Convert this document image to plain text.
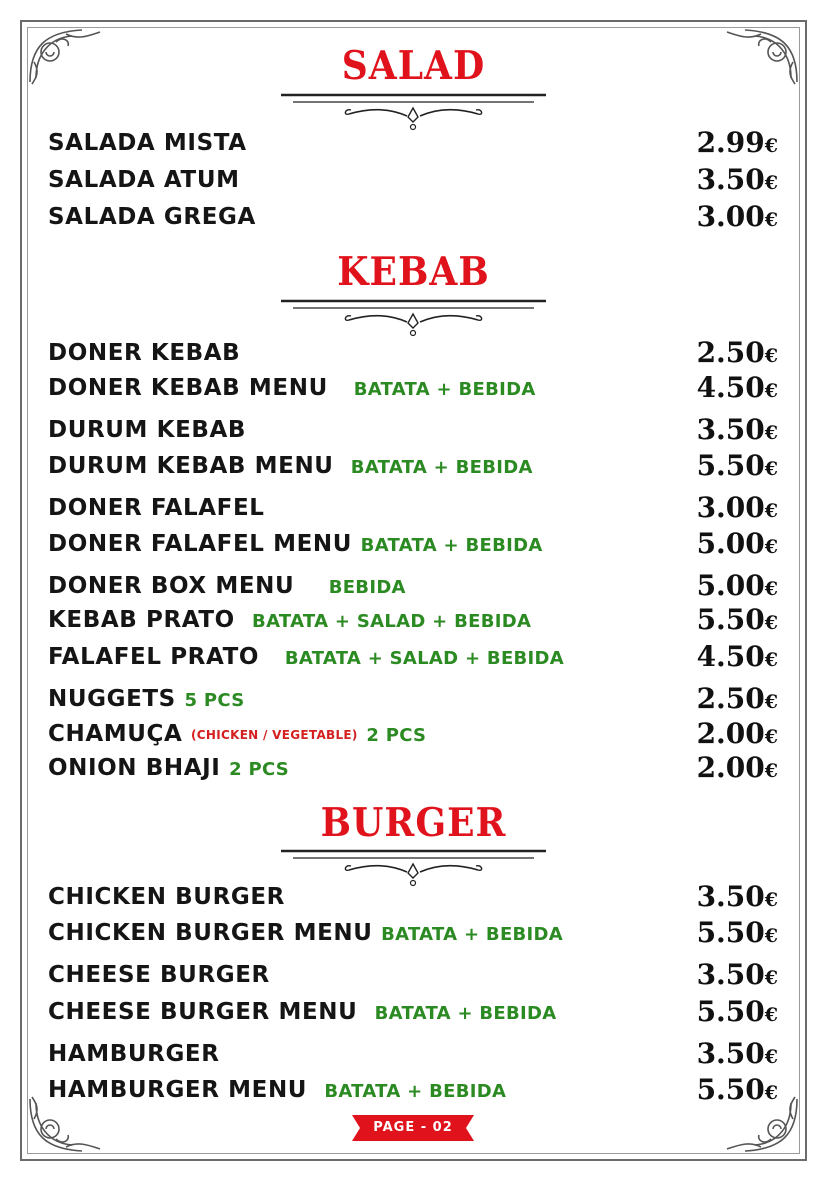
SALAD
SALADA MISTA	2.99€
SALADA ATUM	3.50€
SALADA GREGA	3.00€
KEBAB
DONER KEBAB	2.50€
DONER KEBAB MENU BATATA + BEBIDA	4.50€
DURUM KEBAB	3.50€
DURUM KEBAB MENU BATATA + BEBIDA	5.50€
DONER FALAFEL	3.00€
DONER FALAFEL MENU BATATA + BEBIDA	5.00€
DONER BOX MENU BEBIDA	5.00€
KEBAB PRATO BATATA + SALAD + BEBIDA	5.50€
FALAFEL PRATO BATATA + SALAD + BEBIDA	4.50€
NUGGETS 5 PCS	2.50€
CHAMUÇA (CHICKEN / VEGETABLE) 2 PCS	2.00€
ONION BHAJI 2 PCS	2.00€
BURGER
CHICKEN BURGER	3.50€
CHICKEN BURGER MENU BATATA + BEBIDA	5.50€
CHEESE BURGER	3.50€
CHEESE BURGER MENU BATATA + BEBIDA	5.50€
HAMBURGER	3.50€
HAMBURGER MENU BATATA + BEBIDA	5.50€
PAGE - 02
